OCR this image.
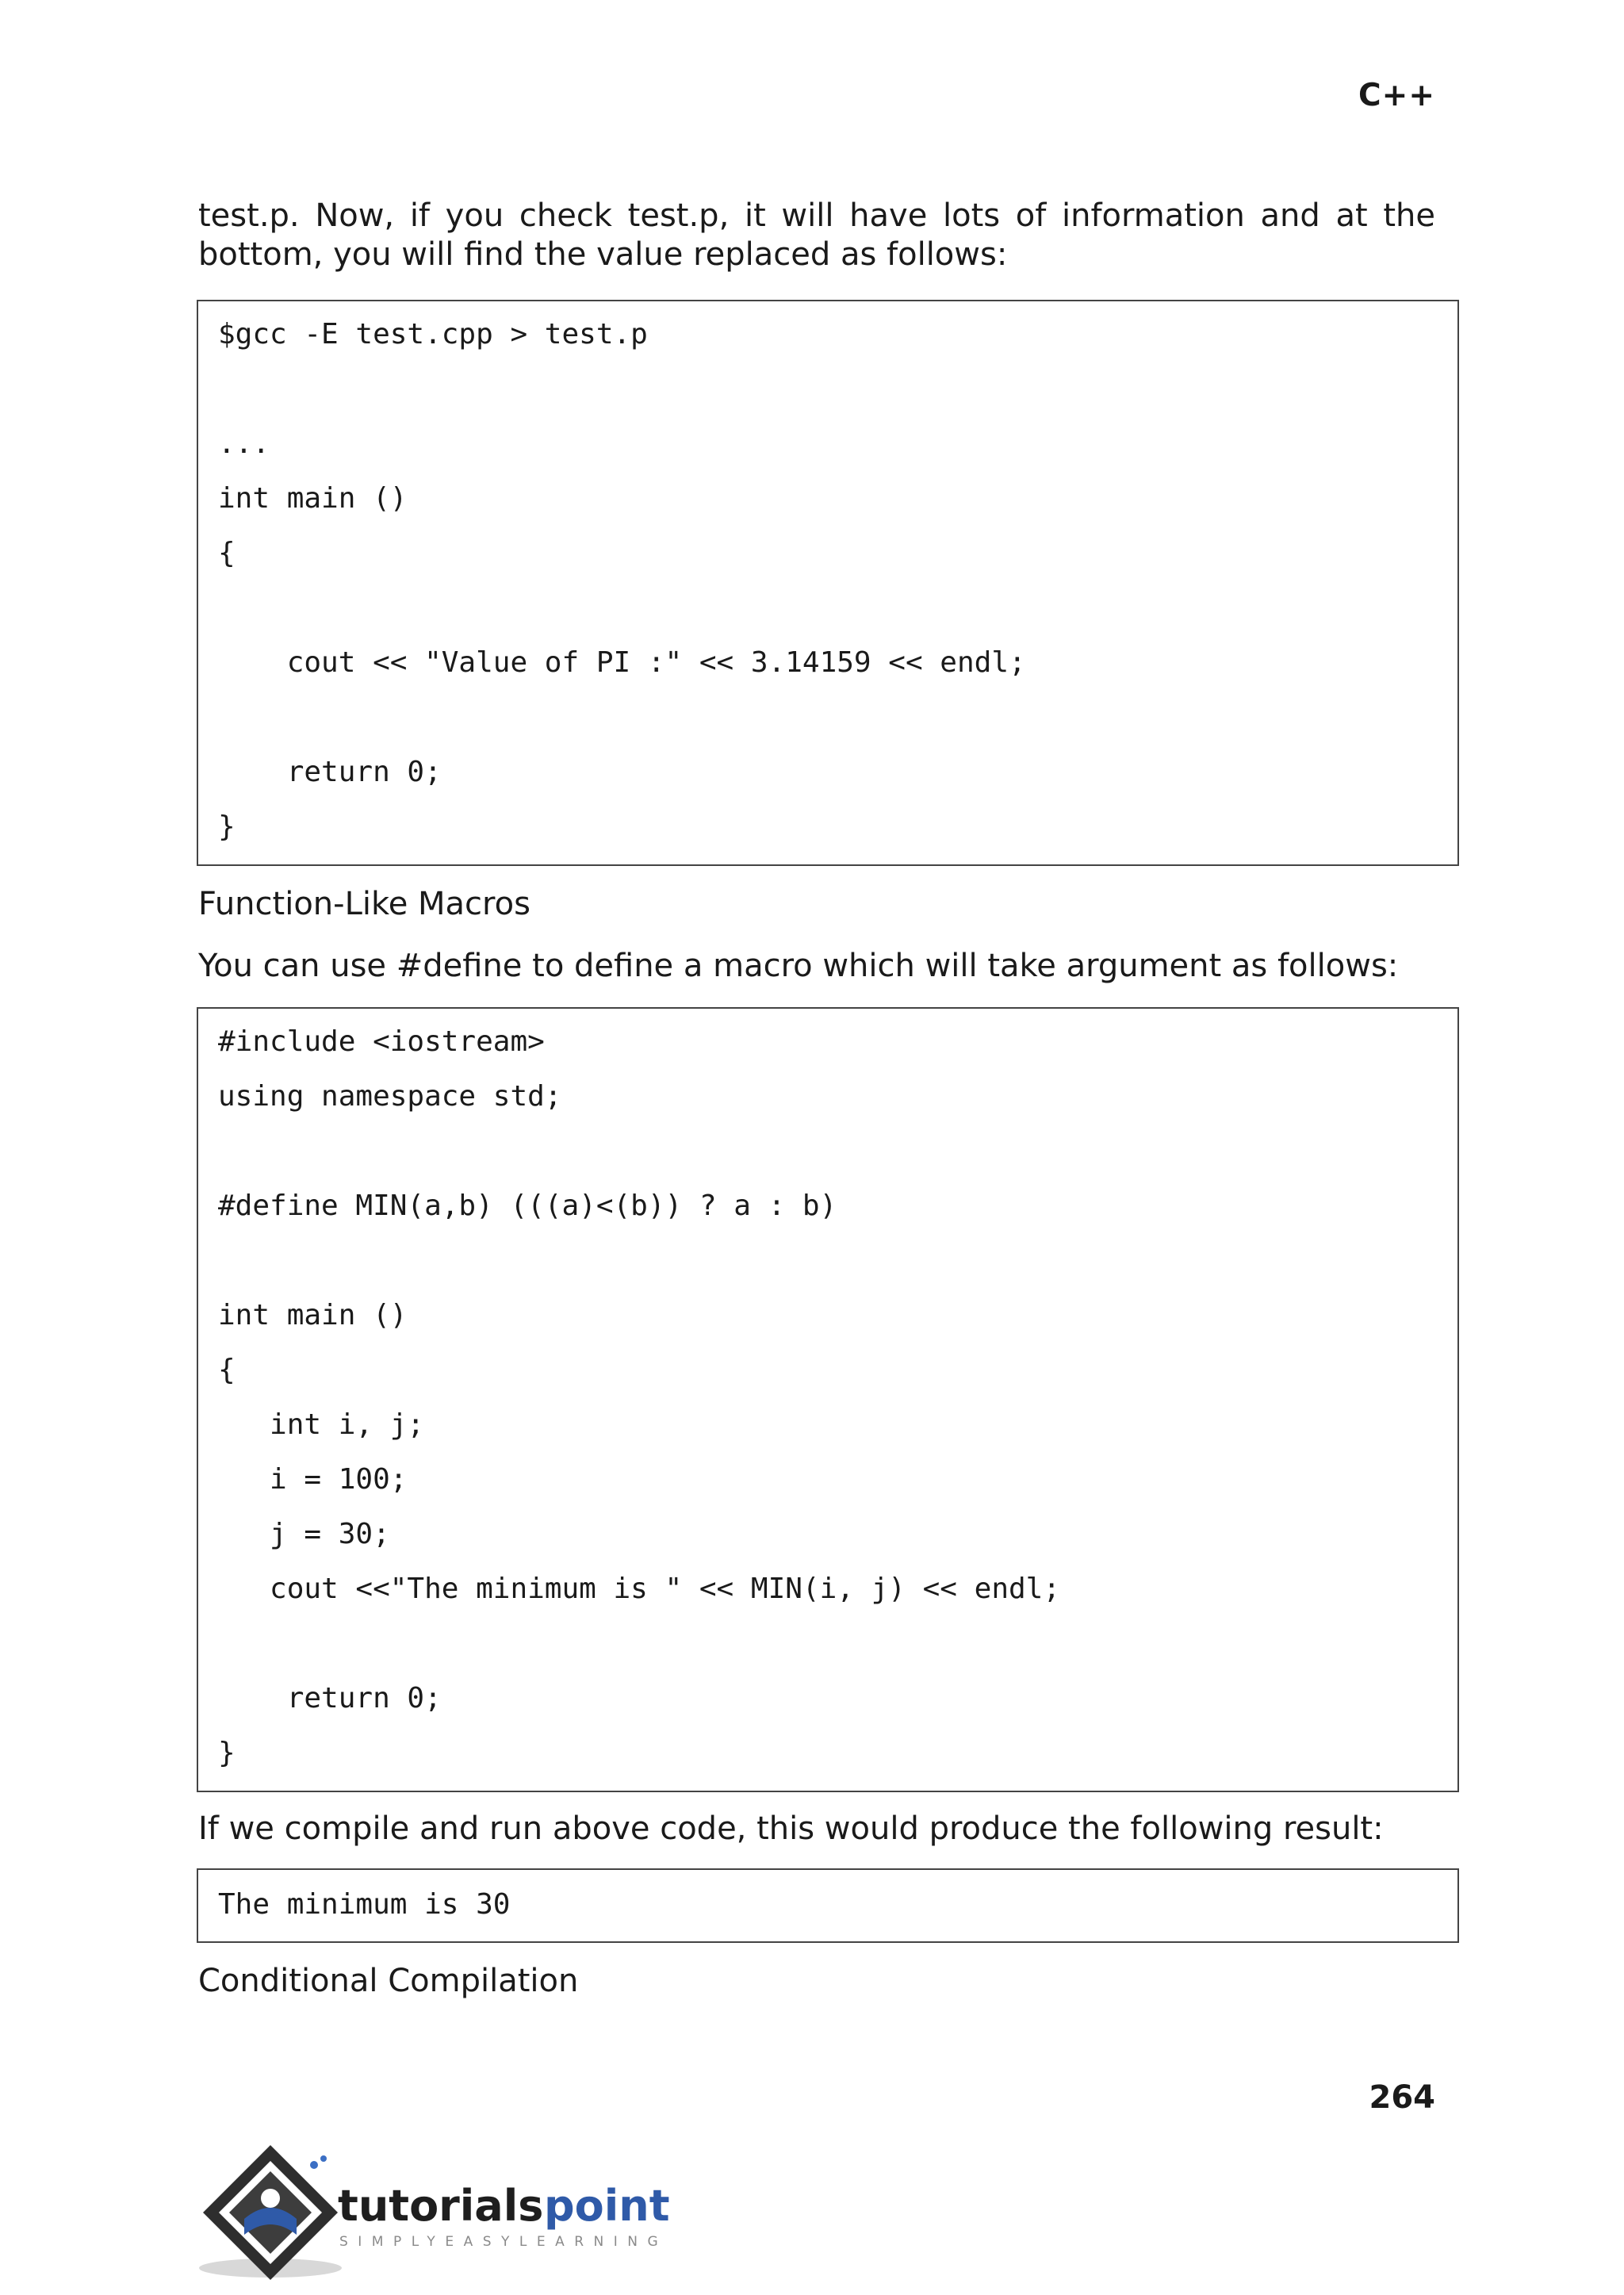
C++
test.p. Now, if you check test.p, it will have lots of information and at the
bottom, you will find the value replaced as follows:
$gcc -E test.cpp > test.p
...
int main ()
{
cout << "Value of PI :" << 3.14159 << endl;
return 0;
}
Function-Like Macros
You can use #define to define a macro which will take argument as follows:
#include <iostream>
using namespace std;
#define MIN(a,b) (((a)<(b)) ? a : b)
int main ()
{
int i, j;
i = 100;
j = 30;
cout <<"The minimum is " << MIN(i, j) << endl;
return 0;
}
If we compile and run above code, this would produce the following result:
The minimum is 30
Conditional Compilation
264
tutorials point
SIMPLYEASYLEARNING
